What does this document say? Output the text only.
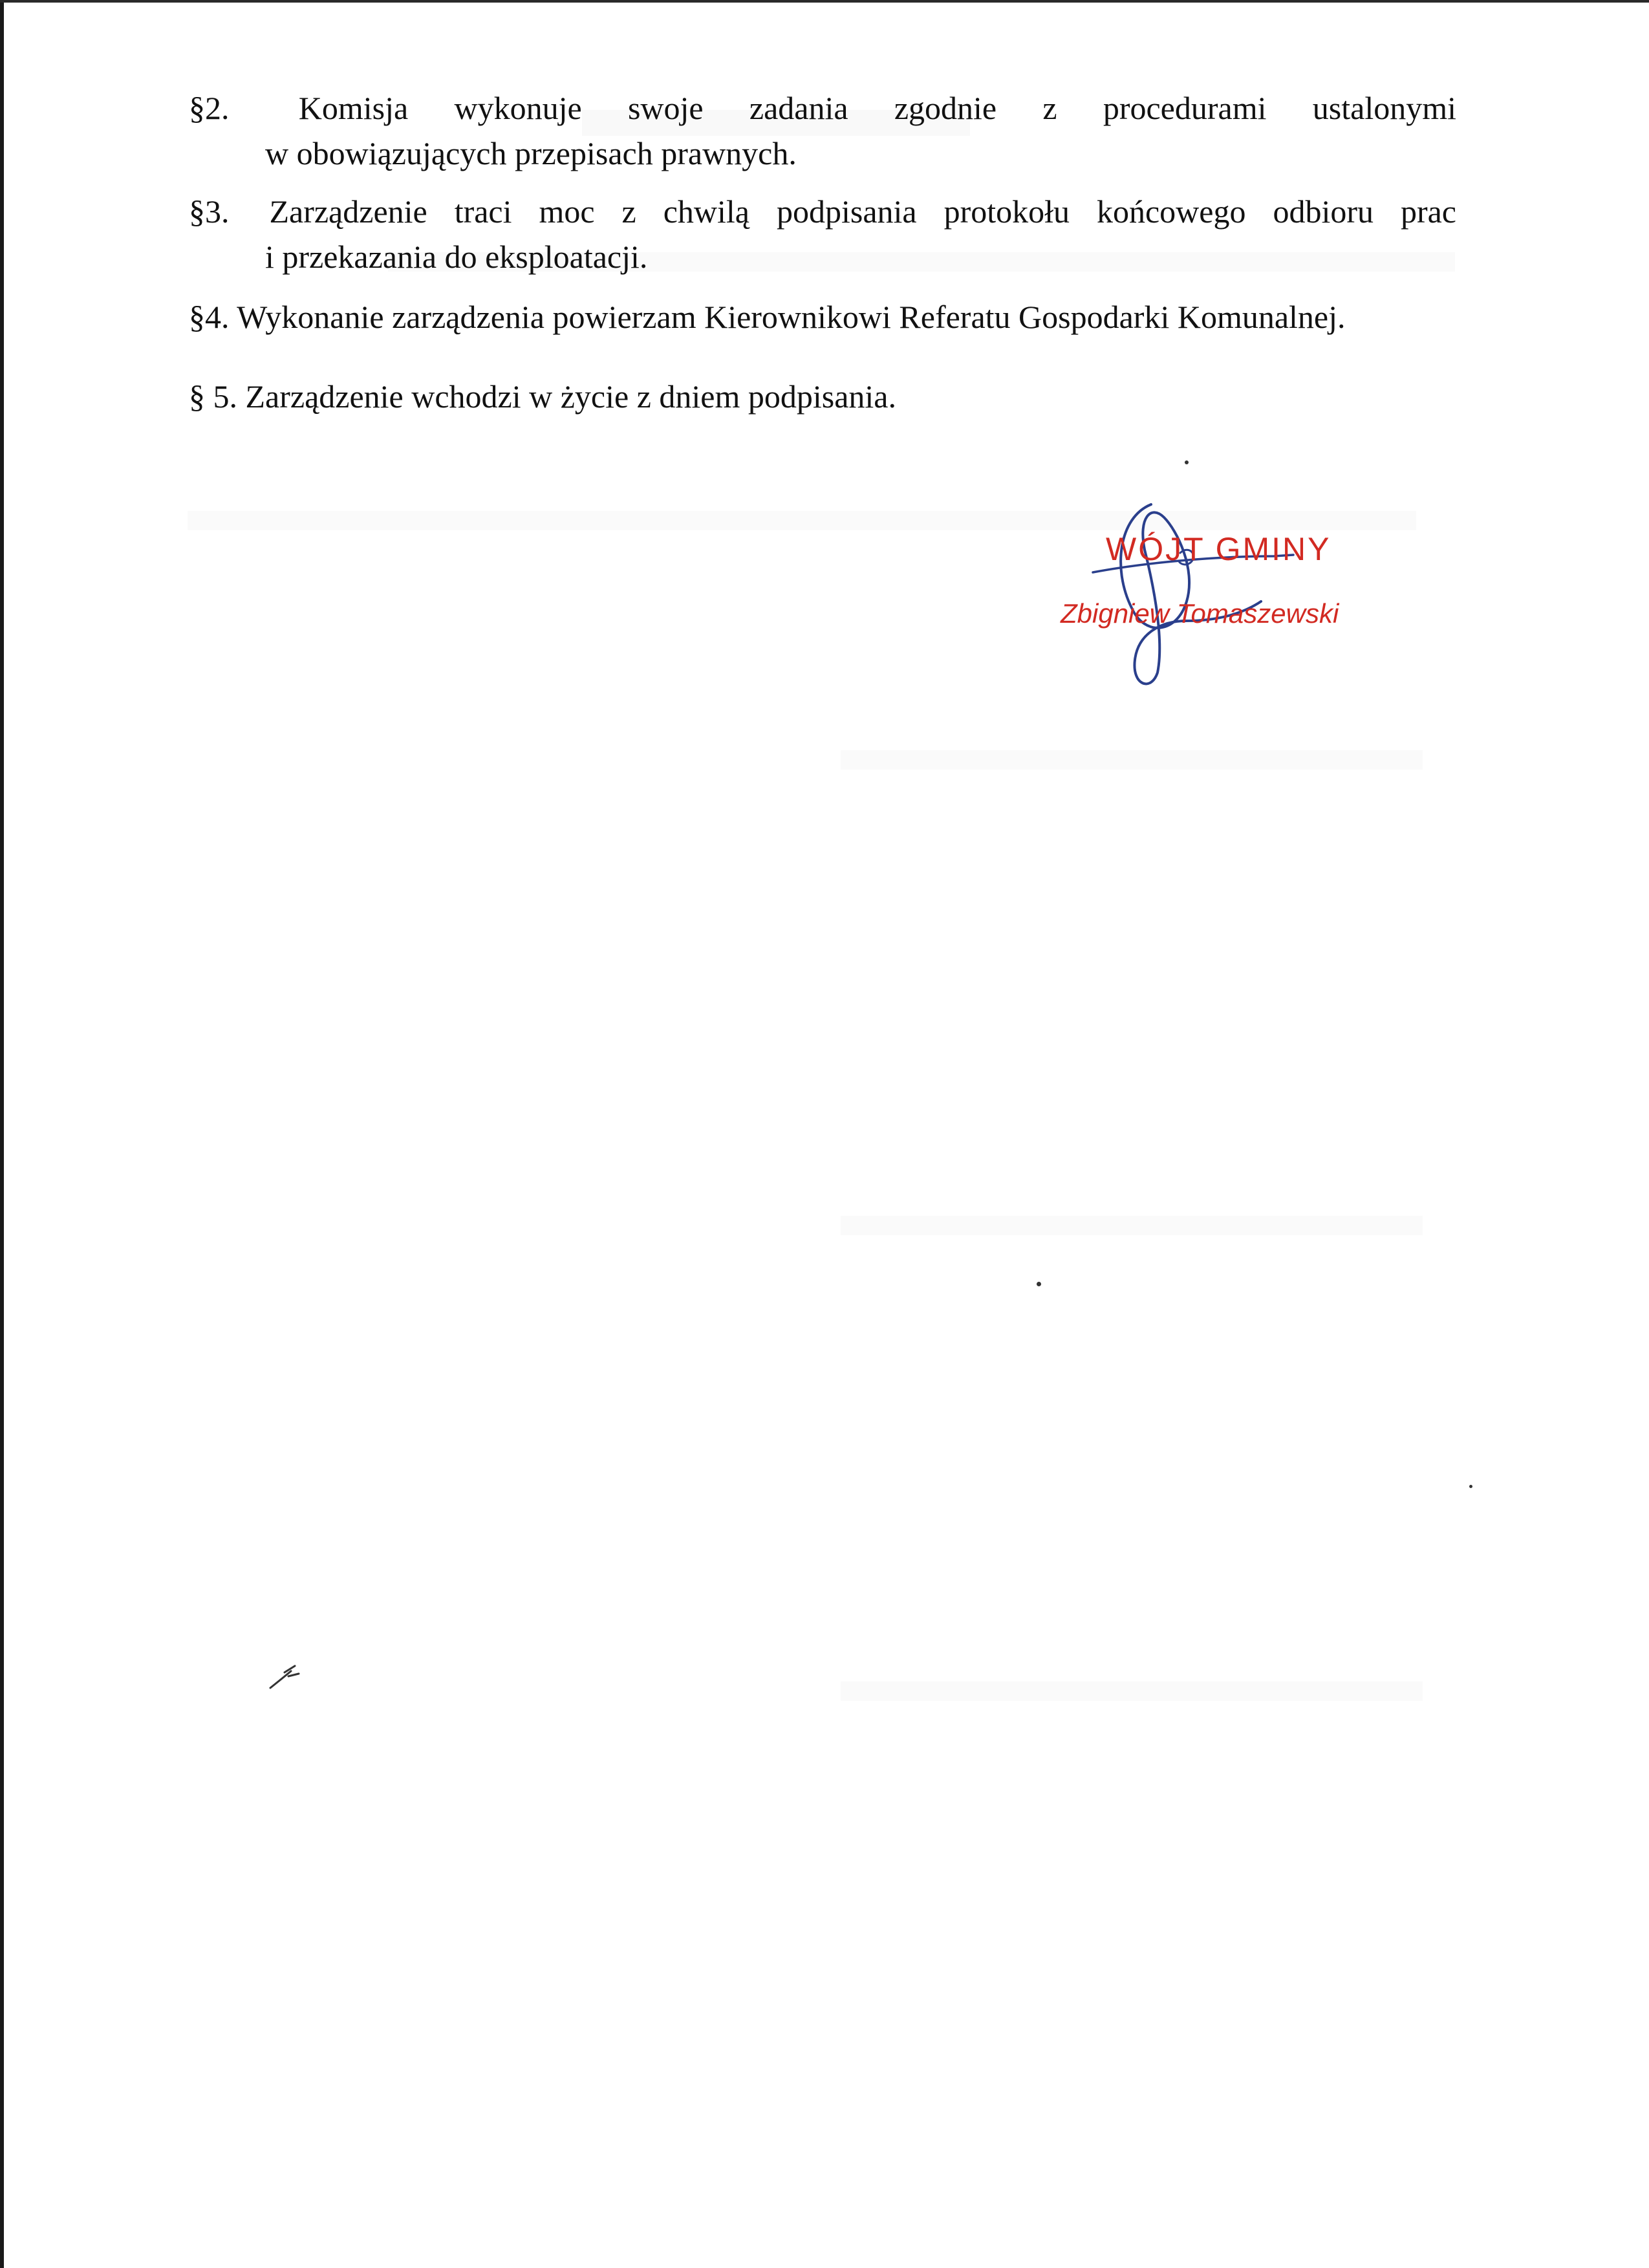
§2. Komisja wykonuje swoje zadania zgodnie z procedurami ustalonymi
w obowiązujących przepisach prawnych.
§3. Zarządzenie traci moc z chwilą podpisania protokołu końcowego odbioru prac
i przekazania do eksploatacji.
§4. Wykonanie zarządzenia powierzam Kierownikowi Referatu Gospodarki Komunalnej.
§ 5. Zarządzenie wchodzi w życie z dniem podpisania.
WÓJT GMINY
Zbigniew Tomaszewski
